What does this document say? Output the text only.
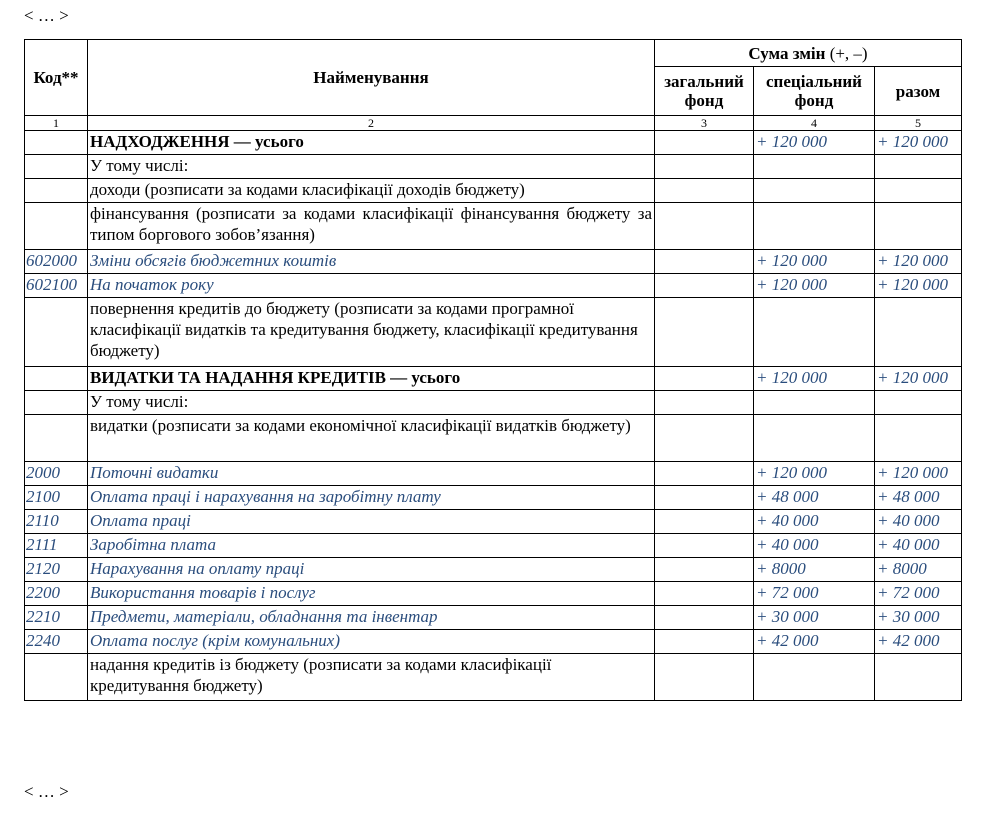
< … >
Код**	Найменування	Сума змін (+, –)		
		загальний фонд	спеціальний фонд	разом
1	2	3	4	5
	НАДХОДЖЕННЯ — усього		+ 120 000	+ 120 000
	У тому числі:			
	доходи (розписати за кодами класифікації доходів бюджету)			
	фінансування (розписати за кодами класифікації фінансування бюджету за типом боргового зобов’язання)			
602000	Зміни обсягів бюджетних коштів		+ 120 000	+ 120 000
602100	На початок року		+ 120 000	+ 120 000
	повернення кредитів до бюджету (розписати за кодами програмної класифікації видатків та кредитування бюджету, класифікації кредитування бюджету)			
	ВИДАТКИ ТА НАДАННЯ КРЕДИТІВ — усього		+ 120 000	+ 120 000
	У тому числі:			
	видатки (розписати за кодами економічної класифікації видатків бюджету)			
2000	Поточні видатки		+ 120 000	+ 120 000
2100	Оплата праці і нарахування на заробітну плату		+ 48 000	+ 48 000
2110	Оплата праці		+ 40 000	+ 40 000
2111	Заробітна плата		+ 40 000	+ 40 000
2120	Нарахування на оплату праці		+ 8000	+ 8000
2200	Використання товарів і послуг		+ 72 000	+ 72 000
2210	Предмети, матеріали, обладнання та інвентар		+ 30 000	+ 30 000
2240	Оплата послуг (крім комунальних)		+ 42 000	+ 42 000
	надання кредитів із бюджету (розписати за кодами класифікації кредитування бюджету)			
< … >
